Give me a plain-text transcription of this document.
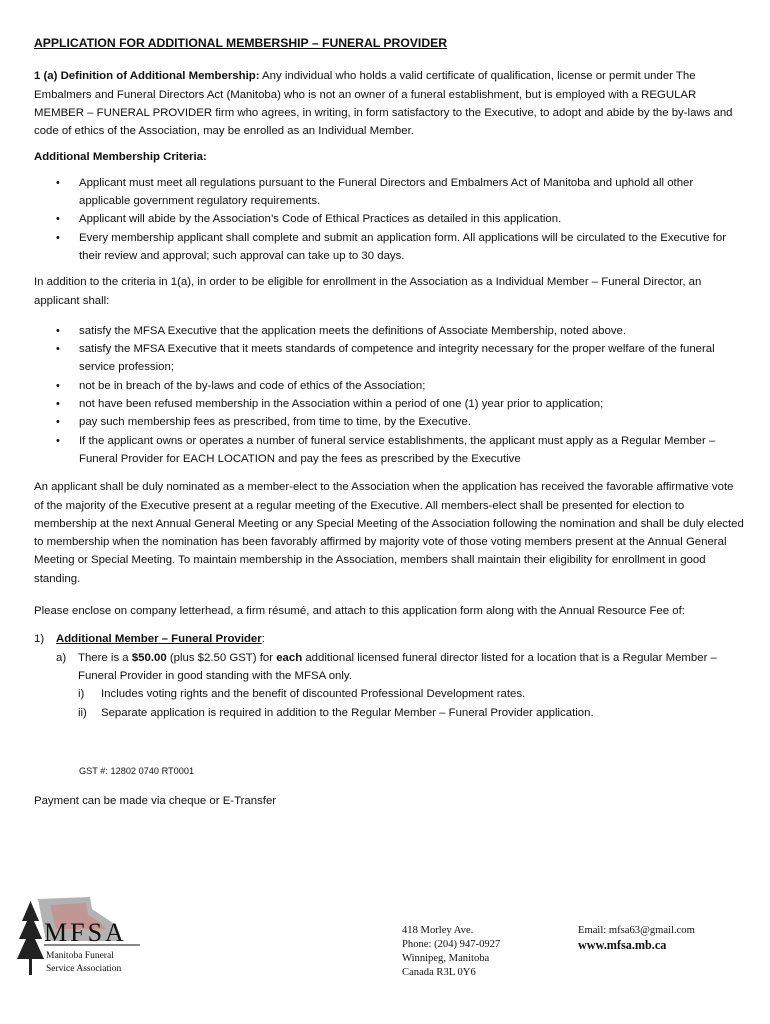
APPLICATION FOR ADDITIONAL MEMBERSHIP – FUNERAL PROVIDER

1 (a) Definition of Additional Membership: Any individual who holds a valid certificate of qualification, license or permit under The Embalmers and Funeral Directors Act (Manitoba) who is not an owner of a funeral establishment, but is employed with a REGULAR MEMBER – FUNERAL PROVIDER firm who agrees, in writing, in form satisfactory to the Executive, to adopt and abide by the by-laws and code of ethics of the Association, may be enrolled as an Individual Member.

Additional Membership Criteria:

• Applicant must meet all regulations pursuant to the Funeral Directors and Embalmers Act of Manitoba and uphold all other applicable government regulatory requirements.
• Applicant will abide by the Association’s Code of Ethical Practices as detailed in this application.
• Every membership applicant shall complete and submit an application form. All applications will be circulated to the Executive for their review and approval; such approval can take up to 30 days.

In addition to the criteria in 1(a), in order to be eligible for enrollment in the Association as a Individual Member – Funeral Director, an applicant shall:

• satisfy the MFSA Executive that the application meets the definitions of Associate Membership, noted above.
• satisfy the MFSA Executive that it meets standards of competence and integrity necessary for the proper welfare of the funeral service profession;
• not be in breach of the by-laws and code of ethics of the Association;
• not have been refused membership in the Association within a period of one (1) year prior to application;
• pay such membership fees as prescribed, from time to time, by the Executive.
• If the applicant owns or operates a number of funeral service establishments, the applicant must apply as a Regular Member – Funeral Provider for EACH LOCATION and pay the fees as prescribed by the Executive

An applicant shall be duly nominated as a member-elect to the Association when the application has received the favorable affirmative vote of the majority of the Executive present at a regular meeting of the Executive. All members-elect shall be presented for election to membership at the next Annual General Meeting or any Special Meeting of the Association following the nomination and shall be duly elected to membership when the nomination has been favorably affirmed by majority vote of those voting members present at the Annual General Meeting or Special Meeting. To maintain membership in the Association, members shall maintain their eligibility for enrollment in good standing.

Please enclose on company letterhead, a firm résumé, and attach to this application form along with the Annual Resource Fee of:

1) Additional Member – Funeral Provider:
a) There is a $50.00 (plus $2.50 GST) for each additional licensed funeral director listed for a location that is a Regular Member – Funeral Provider in good standing with the MFSA only.
i) Includes voting rights and the benefit of discounted Professional Development rates.
ii) Separate application is required in addition to the Regular Member – Funeral Provider application.

GST #: 12802 0740 RT0001

Payment can be made via cheque or E-Transfer

MFSA
Manitoba Funeral
Service Association
418 Morley Ave.
Phone: (204) 947-0927
Winnipeg, Manitoba
Canada R3L 0Y6
Email: mfsa63@gmail.com
www.mfsa.mb.ca
